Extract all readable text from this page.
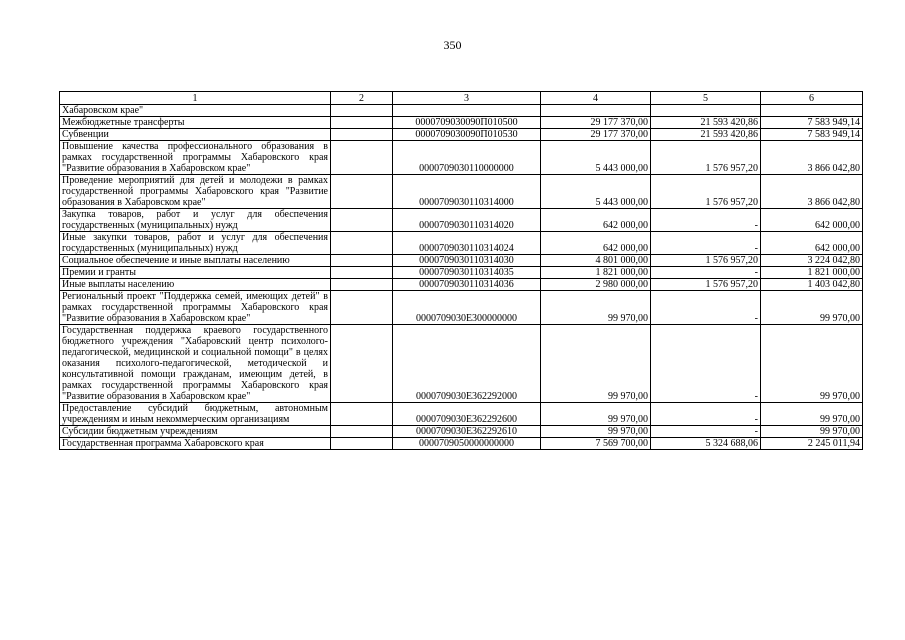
350
1	2	3	4	5	6
Хабаровском крае"					
Межбюджетные трансферты		0000709030090П010500	29 177 370,00	21 593 420,86	7 583 949,14
Субвенции		0000709030090П010530	29 177 370,00	21 593 420,86	7 583 949,14
Повышение качества профессионального образования в рамках государственной программы Хабаровского края "Развитие образования в Хабаровском крае"		0000709030110000000	5 443 000,00	1 576 957,20	3 866 042,80
Проведение мероприятий для детей и молодежи в рамках государственной программы Хабаровского края "Развитие образования в Хабаровском крае"		0000709030110314000	5 443 000,00	1 576 957,20	3 866 042,80
Закупка товаров, работ и услуг для обеспечения государственных (муниципальных) нужд		0000709030110314020	642 000,00	-	642 000,00
Иные закупки товаров, работ и услуг для обеспечения государственных (муниципальных) нужд		0000709030110314024	642 000,00	-	642 000,00
Социальное обеспечение и иные выплаты населению		0000709030110314030	4 801 000,00	1 576 957,20	3 224 042,80
Премии и гранты		0000709030110314035	1 821 000,00	-	1 821 000,00
Иные выплаты населению		0000709030110314036	2 980 000,00	1 576 957,20	1 403 042,80
Региональный проект "Поддержка семей, имеющих детей" в рамках государственной программы Хабаровского края "Развитие образования в Хабаровском крае"		0000709030Е300000000	99 970,00	-	99 970,00
Государственная поддержка краевого государственного бюджетного учреждения "Хабаровский центр психолого-педагогической, медицинской и социальной помощи" в целях оказания психолого-педагогической, методической и консультативной помощи гражданам, имеющим детей, в рамках государственной программы Хабаровского края "Развитие образования в Хабаровском крае"		0000709030Е362292000	99 970,00	-	99 970,00
Предоставление субсидий бюджетным, автономным учреждениям и иным некоммерческим организациям		0000709030Е362292600	99 970,00	-	99 970,00
Субсидии бюджетным учреждениям		0000709030Е362292610	99 970,00	-	99 970,00
Государственная программа Хабаровского края		0000709050000000000	7 569 700,00	5 324 688,06	2 245 011,94
